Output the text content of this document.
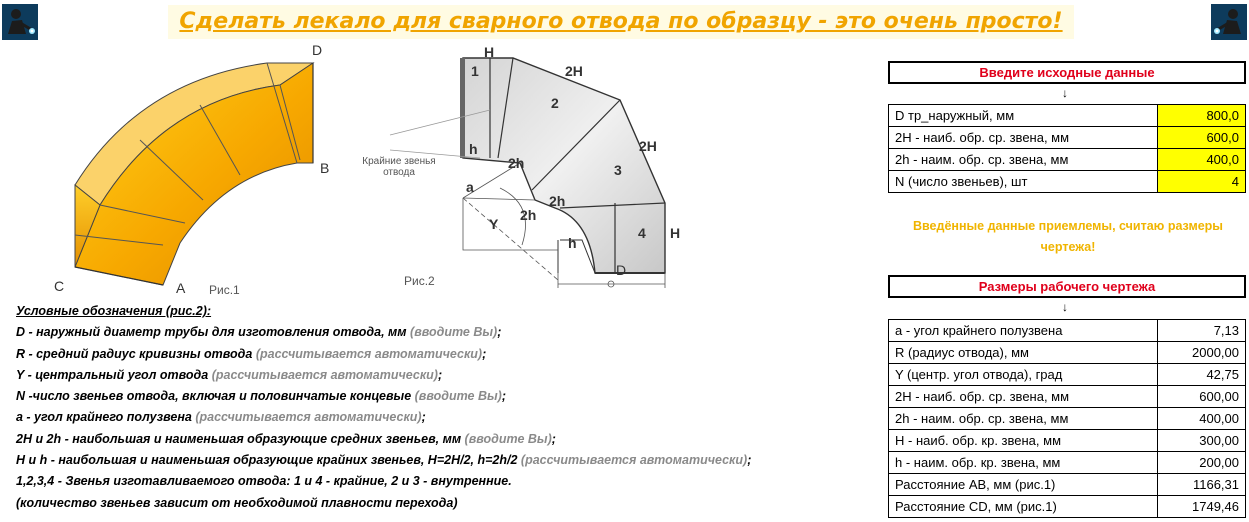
Сделать лекало для сварного отвода по образцу - это очень просто!
D
B
C	A Рис.1
H
1	2H
2
2H
h
2h	3
a
2h
2h
Y
4 H
h
D
Крайние звенья
отвода
Рис.2
Условные обозначения (рис.2):
D - наружный диаметр трубы для изготовления отвода, мм (вводите Вы);
R - средний радиус кривизны отвода (рассчитывается автоматически);
Y - центральный угол отвода (рассчитывается автоматически);
N -число звеньев отвода, включая и половинчатые концевые (вводите Вы);
a - угол крайнего полузвена (рассчитывается автоматически);
2H и 2h - наибольшая и наименьшая образующие средних звеньев, мм (вводите Вы);
H и h - наибольшая и наименьшая образующие крайних звеньев, H=2H/2, h=2h/2 (рассчитывается автоматически);
1,2,3,4 - Звенья изготавливаемого отвода: 1 и 4 - крайние, 2 и 3 - внутренние.
(количество звеньев зависит от необходимой плавности перехода)
Введите исходные данные
↓
D тр_наружный, мм	800,0
2H - наиб. обр. ср. звена, мм	600,0
2h - наим. обр. ср. звена, мм	400,0
N (число звеньев), шт	4
Введённые данные приемлемы, считаю размеры чертежа!
Размеры рабочего чертежа
↓
a - угол крайнего полузвена	7,13
R (радиус отвода), мм	2000,00
Y (центр. угол отвода), град	42,75
2H - наиб. обр. ср. звена, мм	600,00
2h - наим. обр. ср. звена, мм	400,00
H - наиб. обр. кр. звена, мм	300,00
h - наим. обр. кр. звена, мм	200,00
Расстояние АВ, мм (рис.1)	1166,31
Расстояние CD, мм (рис.1)	1749,46
